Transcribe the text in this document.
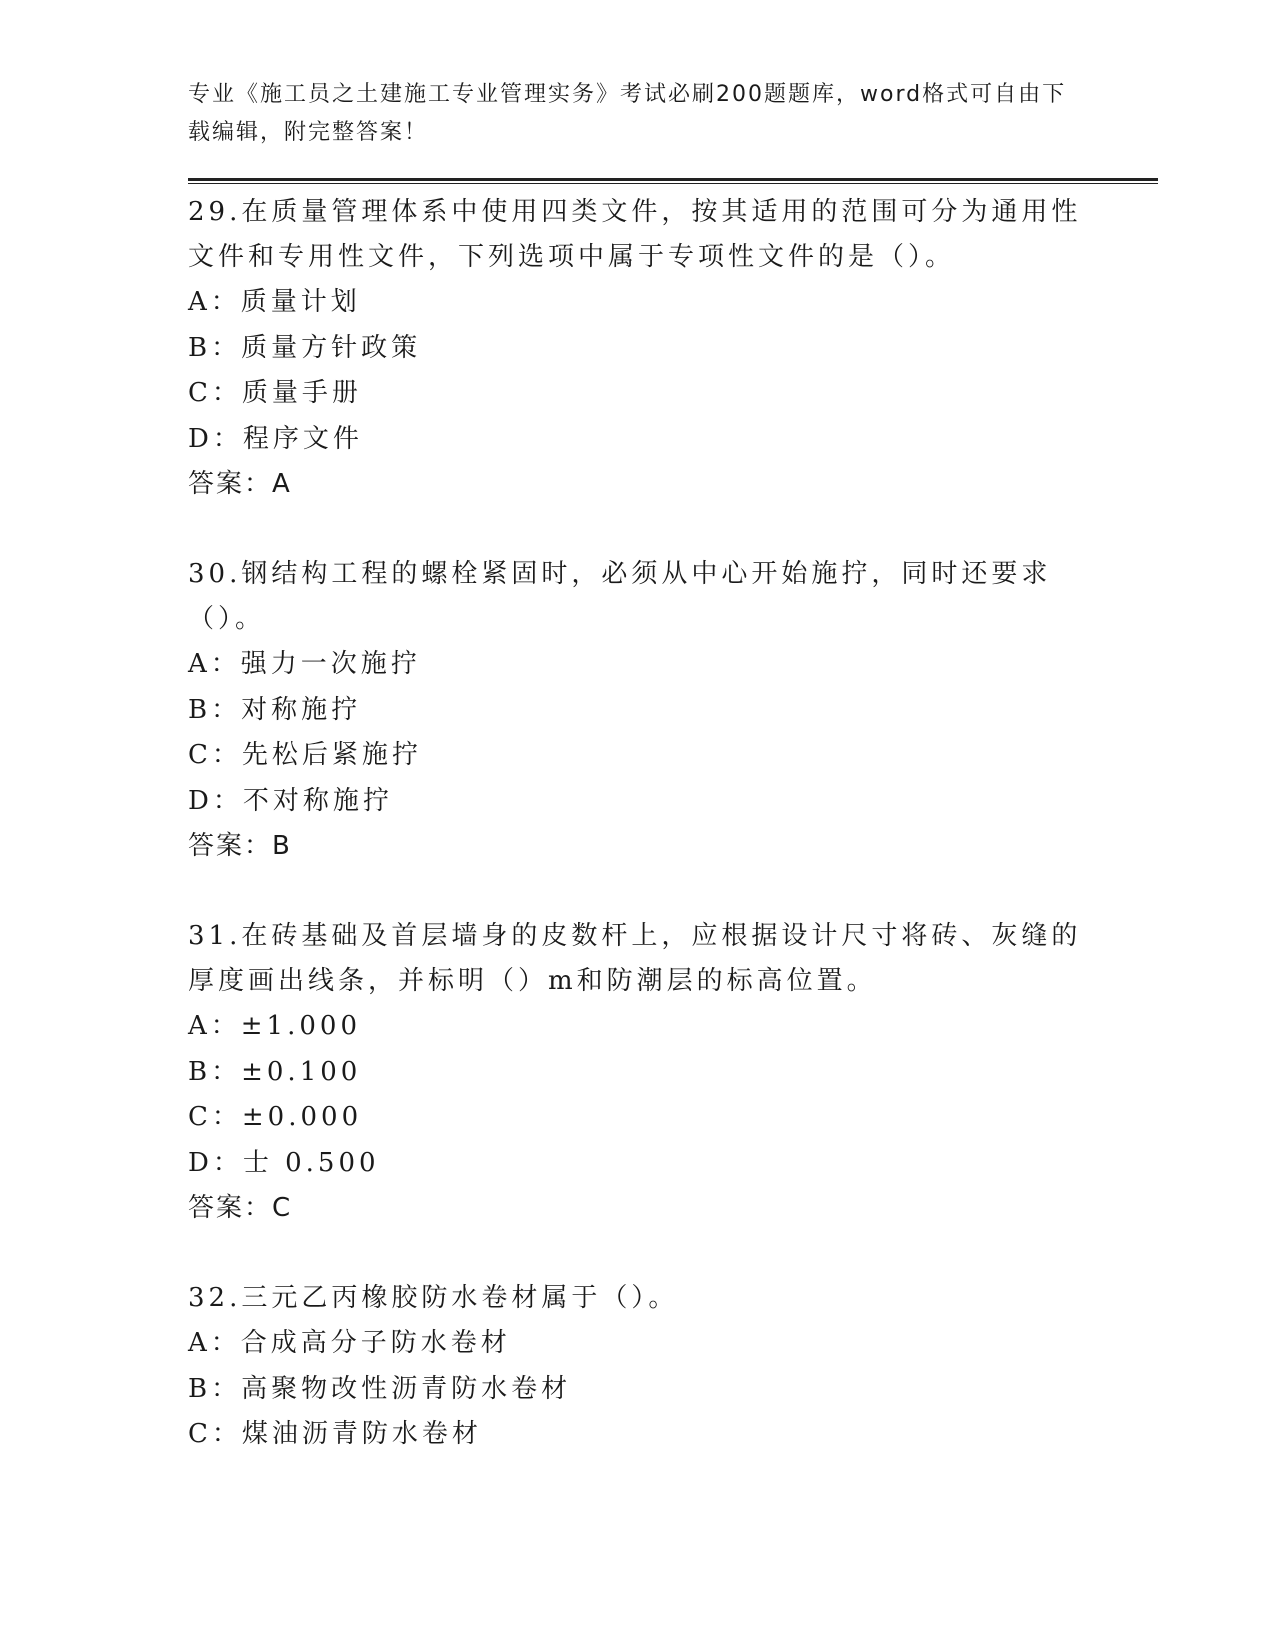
专业《施工员之土建施工专业管理实务》考试必刷200题题库，word格式可自由下载编辑，附完整答案！

29.在质量管理体系中使用四类文件，按其适用的范围可分为通用性文件和专用性文件，下列选项中属于专项性文件的是（）。

A：质量计划

B：质量方针政策

C：质量手册

D：程序文件

答案：A

30.钢结构工程的螺栓紧固时，必须从中心开始施拧，同时还要求（）。

A：强力一次施拧

B：对称施拧

C：先松后紧施拧

D：不对称施拧

答案：B

31.在砖基础及首层墙身的皮数杆上，应根据设计尺寸将砖、灰缝的厚度画出线条，并标明（）m和防潮层的标高位置。

A：±1.000

B：±0.100

C：±0.000

D：士 0.500

答案：C

32.三元乙丙橡胶防水卷材属于（）。

A：合成高分子防水卷材

B：高聚物改性沥青防水卷材

C：煤油沥青防水卷材
